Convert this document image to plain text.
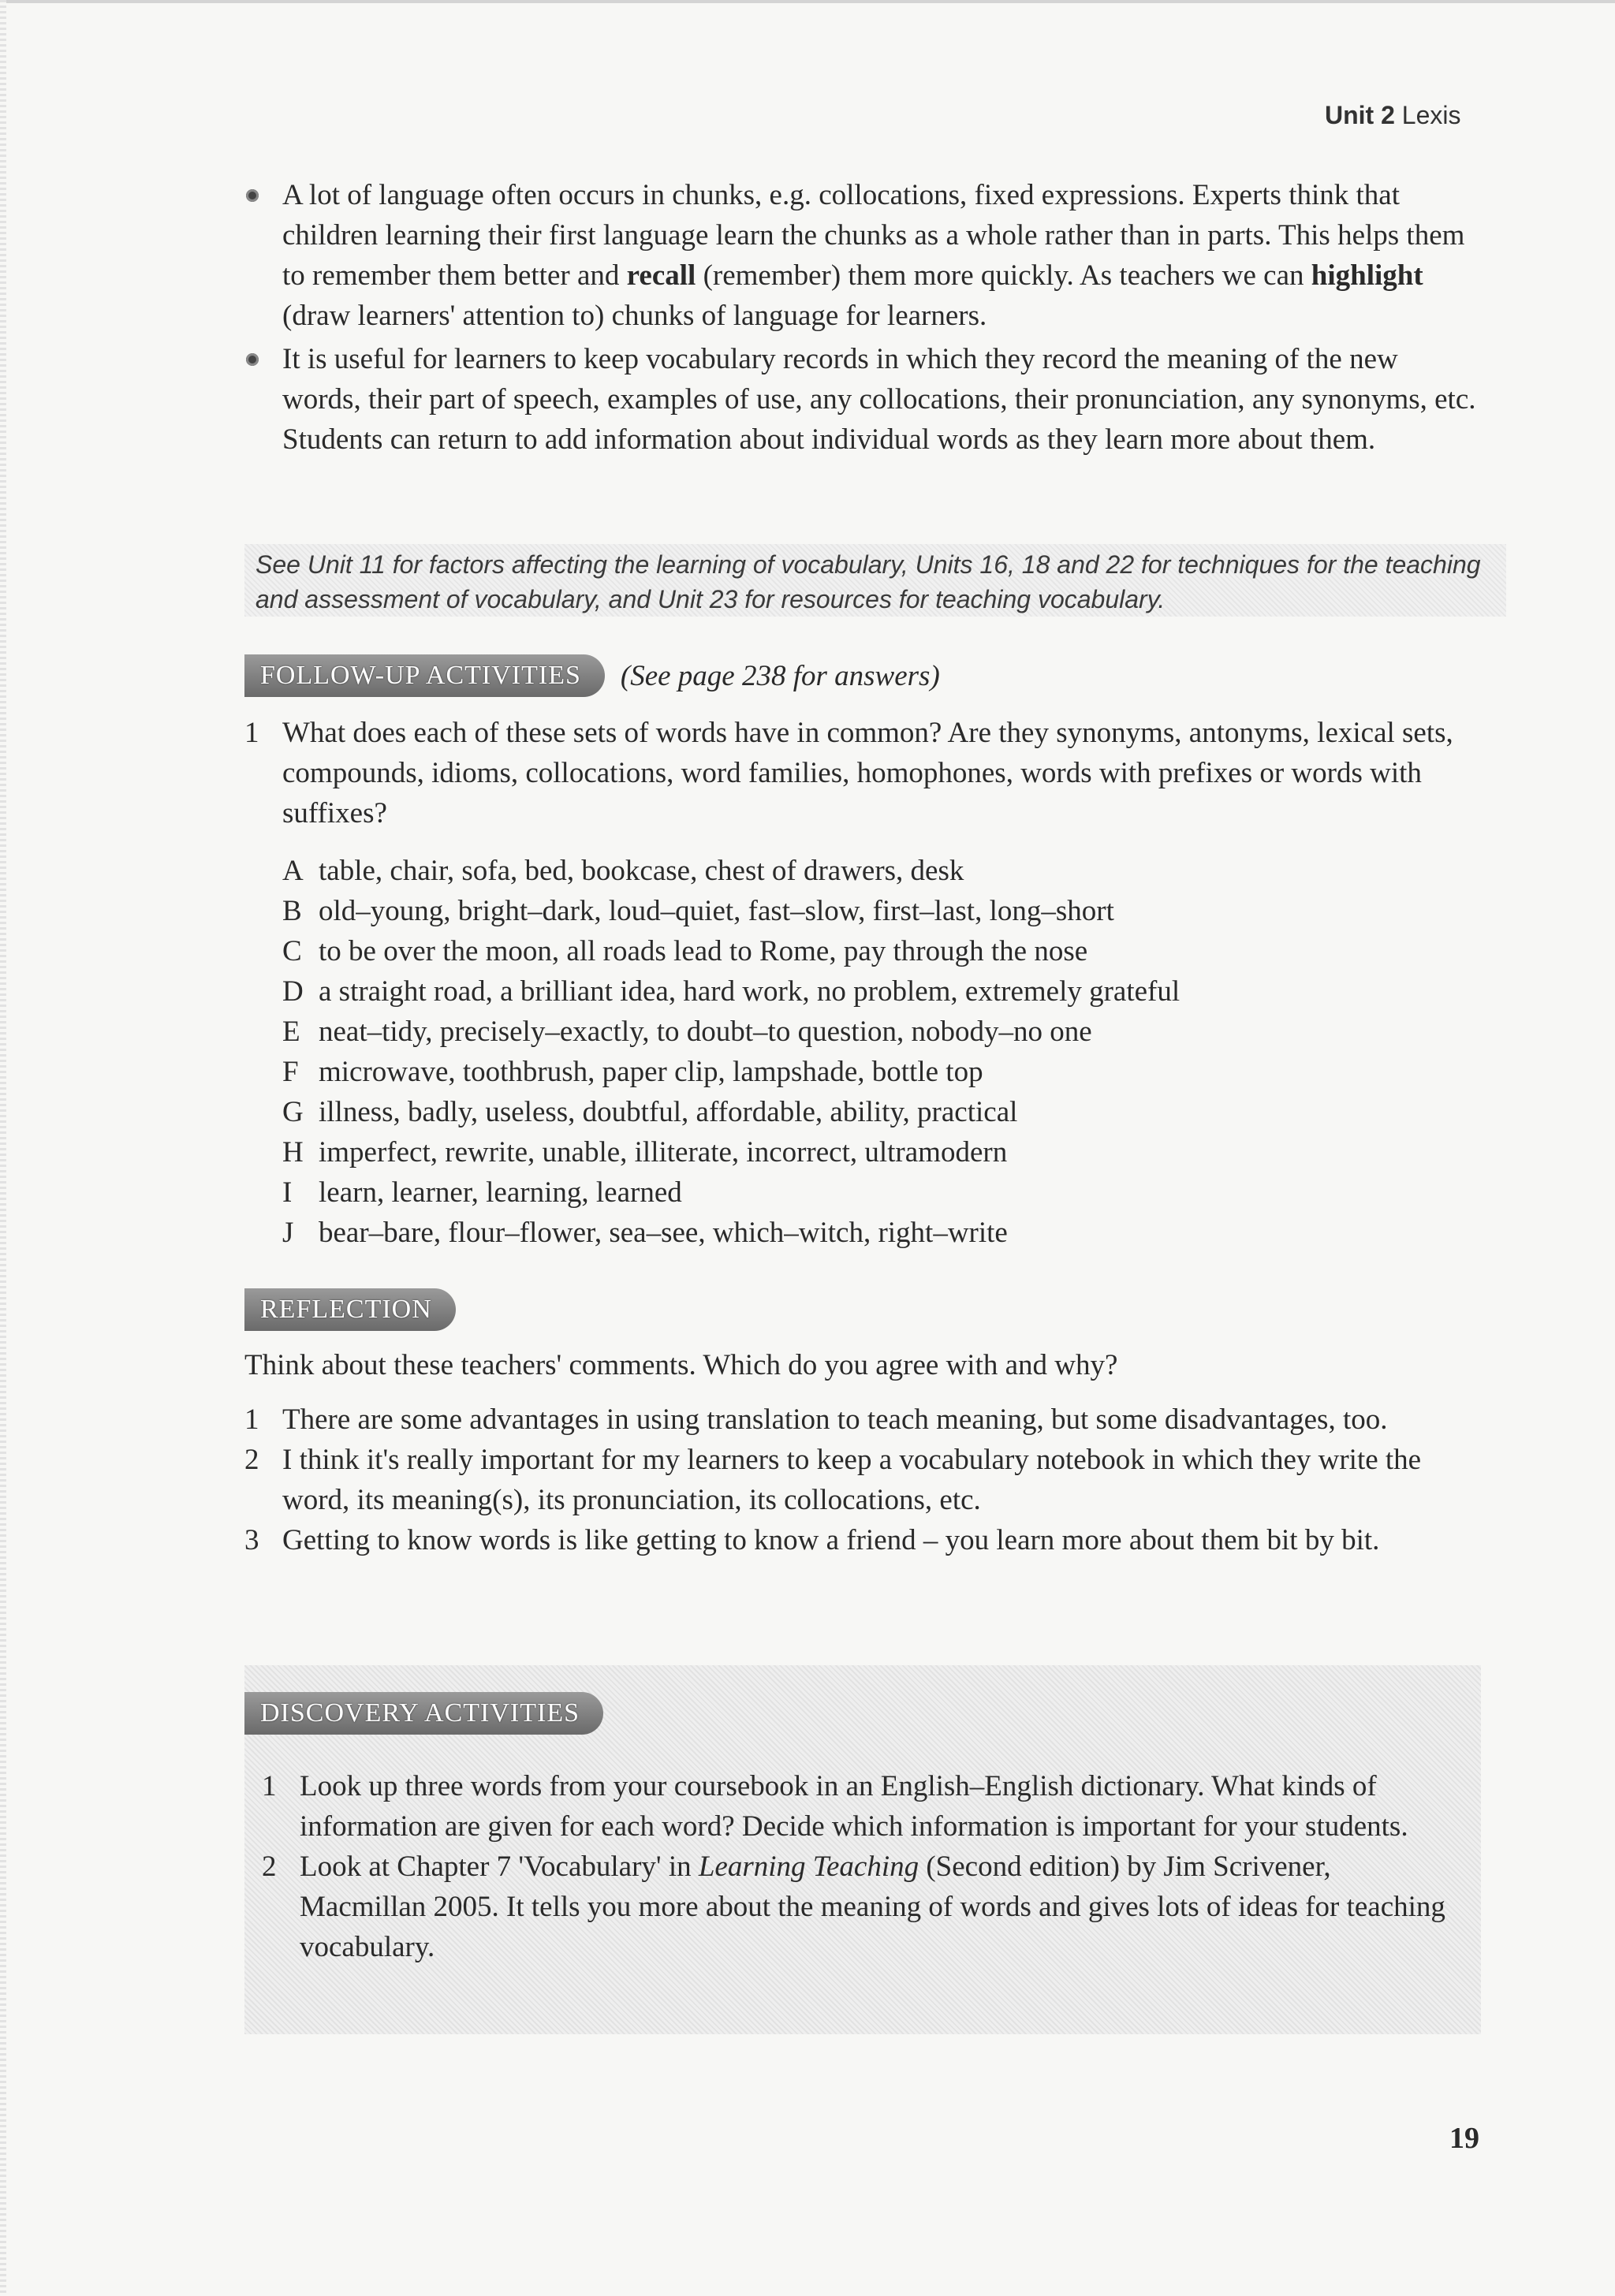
Unit 2 Lexis
A lot of language often occurs in chunks, e.g. collocations, fixed expressions. Experts think that children learning their first language learn the chunks as a whole rather than in parts. This helps them to remember them better and recall (remember) them more quickly. As teachers we can highlight (draw learners' attention to) chunks of language for learners.
It is useful for learners to keep vocabulary records in which they record the meaning of the new words, their part of speech, examples of use, any collocations, their pronunciation, any synonyms, etc. Students can return to add information about individual words as they learn more about them.
See Unit 11 for factors affecting the learning of vocabulary, Units 16, 18 and 22 for techniques for the teaching and assessment of vocabulary, and Unit 23 for resources for teaching vocabulary.
FOLLOW-UP ACTIVITIES (See page 238 for answers)
1 What does each of these sets of words have in common? Are they synonyms, antonyms, lexical sets, compounds, idioms, collocations, word families, homophones, words with prefixes or words with suffixes?
A table, chair, sofa, bed, bookcase, chest of drawers, desk
B old–young, bright–dark, loud–quiet, fast–slow, first–last, long–short
C to be over the moon, all roads lead to Rome, pay through the nose
D a straight road, a brilliant idea, hard work, no problem, extremely grateful
E neat–tidy, precisely–exactly, to doubt–to question, nobody–no one
F microwave, toothbrush, paper clip, lampshade, bottle top
G illness, badly, useless, doubtful, affordable, ability, practical
H imperfect, rewrite, unable, illiterate, incorrect, ultramodern
I learn, learner, learning, learned
J bear–bare, flour–flower, sea–see, which–witch, right–write
REFLECTION
Think about these teachers' comments. Which do you agree with and why?
1 There are some advantages in using translation to teach meaning, but some disadvantages, too.
2 I think it's really important for my learners to keep a vocabulary notebook in which they write the word, its meaning(s), its pronunciation, its collocations, etc.
3 Getting to know words is like getting to know a friend – you learn more about them bit by bit.
DISCOVERY ACTIVITIES
1 Look up three words from your coursebook in an English–English dictionary. What kinds of information are given for each word? Decide which information is important for your students.
2 Look at Chapter 7 'Vocabulary' in Learning Teaching (Second edition) by Jim Scrivener, Macmillan 2005. It tells you more about the meaning of words and gives lots of ideas for teaching vocabulary.
19
